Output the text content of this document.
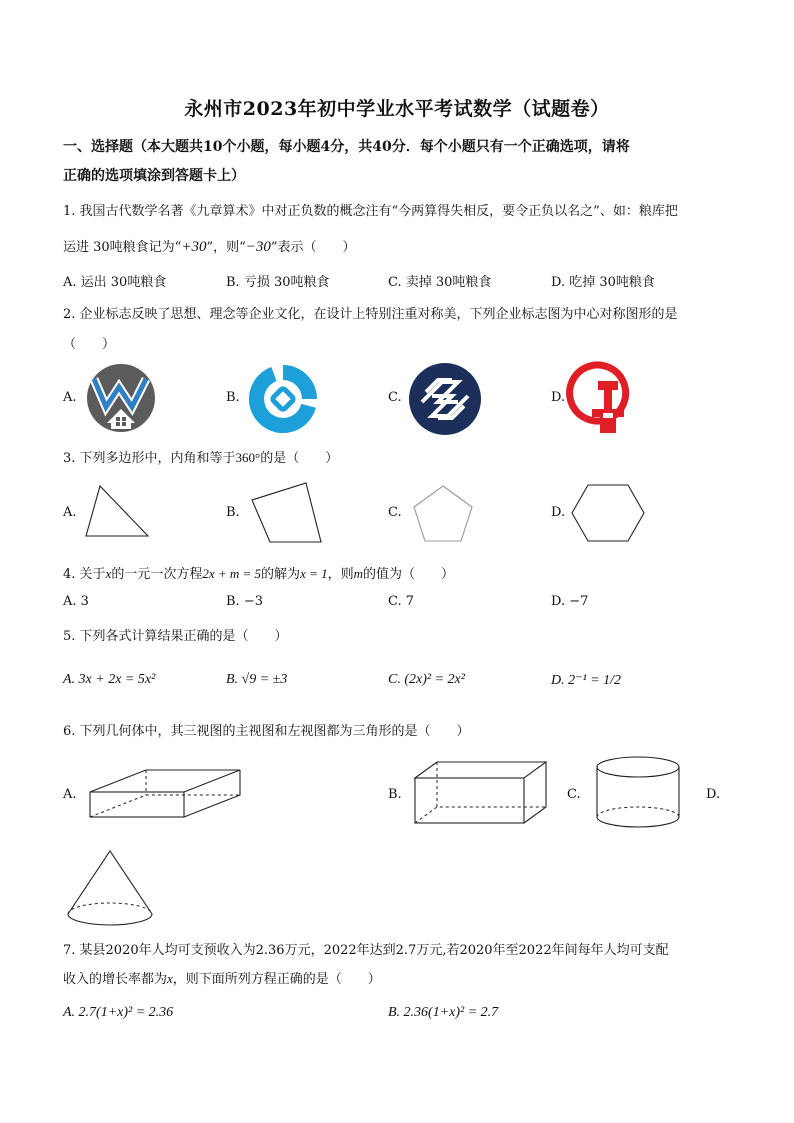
永州市2023年初中学业水平考试数学（试题卷）
一、选择题（本大题共10个小题，每小题4分，共40分．每个小题只有一个正确选项，请将
正确的选项填涂到答题卡上）
1. 我国古代数学名著《九章算术》中对正负数的概念注有“今两算得失相反，要令正负以名之”、如：粮库把
运进 30吨粮食记为“+30”，则“−30”表示（　　）
A. 运出 30吨粮食	B. 亏损 30吨粮食	C. 卖掉 30吨粮食	D. 吃掉 30吨粮食
2. 企业标志反映了思想、理念等企业文化，在设计上特别注重对称美，下列企业标志图为中心对称图形的是
（　　）
A.	B.	C.	D.
3. 下列多边形中，内角和等于360°的是（　　）
A.	B.	C.	D.
4. 关于x的一元一次方程2x + m = 5的解为x = 1，则m的值为（　　）
A. 3	B. −3	C. 7	D. −7
5. 下列各式计算结果正确的是（　　）
A. 3x + 2x = 5x²	B. √9 = ±3	C. (2x)² = 2x²	D. 2⁻¹ = 1/2
6. 下列几何体中，其三视图的主视图和左视图都为三角形的是（　　）
A.	B.	C.	D.
7. 某县2020年人均可支预收入为2.36万元，2022年达到2.7万元,若2020年至2022年间每年人均可支配
收入的增长率都为x，则下面所列方程正确的是（　　）
A. 2.7(1+x)² = 2.36	B. 2.36(1+x)² = 2.7
